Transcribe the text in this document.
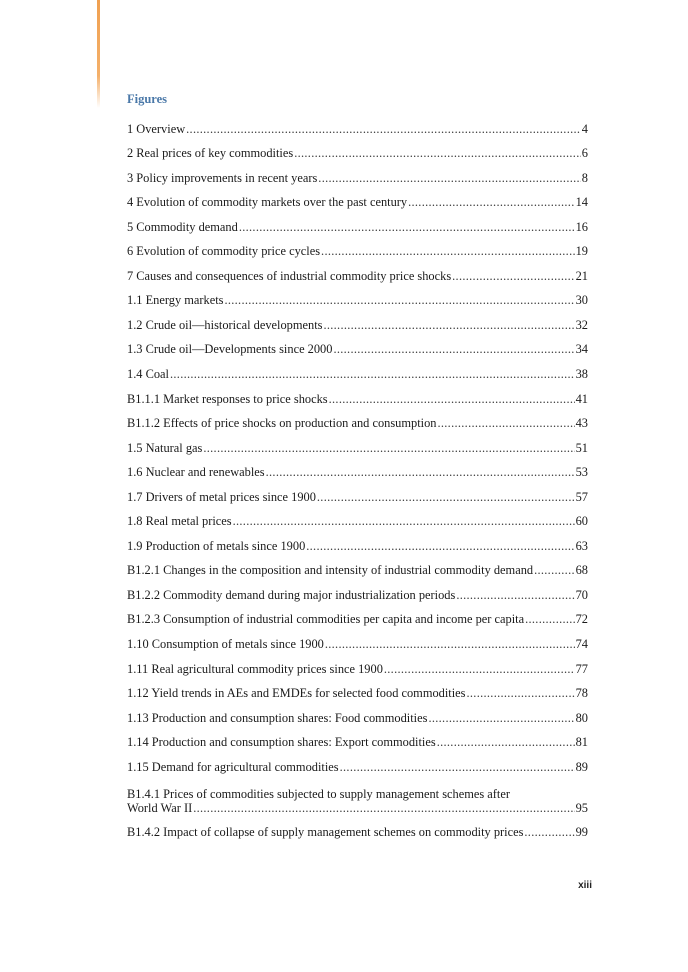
Figures
1 Overview .....	4
2 Real prices of key commodities .....	6
3 Policy improvements in recent years .....	8
4 Evolution of commodity markets over the past century .....	14
5 Commodity demand .....	16
6 Evolution of commodity price cycles .....	19
7 Causes and consequences of industrial commodity price shocks .....	21
1.1 Energy markets .....	30
1.2 Crude oil—historical developments .....	32
1.3 Crude oil—Developments since 2000 .....	34
1.4 Coal .....	38
B1.1.1 Market responses to price shocks .....	41
B1.1.2 Effects of price shocks on production and consumption .....	43
1.5 Natural gas .....	51
1.6 Nuclear and renewables .....	53
1.7 Drivers of metal prices since 1900 .....	57
1.8 Real metal prices .....	60
1.9 Production of metals since 1900 .....	63
B1.2.1 Changes in the composition and intensity of industrial commodity demand .....	68
B1.2.2 Commodity demand during major industrialization periods .....	70
B1.2.3 Consumption of industrial commodities per capita and income per capita .....	72
1.10 Consumption of metals since 1900 .....	74
1.11 Real agricultural commodity prices since 1900 .....	77
1.12 Yield trends in AEs and EMDEs for selected food commodities .....	78
1.13 Production and consumption shares: Food commodities .....	80
1.14 Production and consumption shares: Export commodities .....	81
1.15 Demand for agricultural commodities .....	89
B1.4.1 Prices of commodities subjected to supply management schemes after
World War II .....	95
B1.4.2 Impact of collapse of supply management schemes on commodity prices .....	99
xiii
